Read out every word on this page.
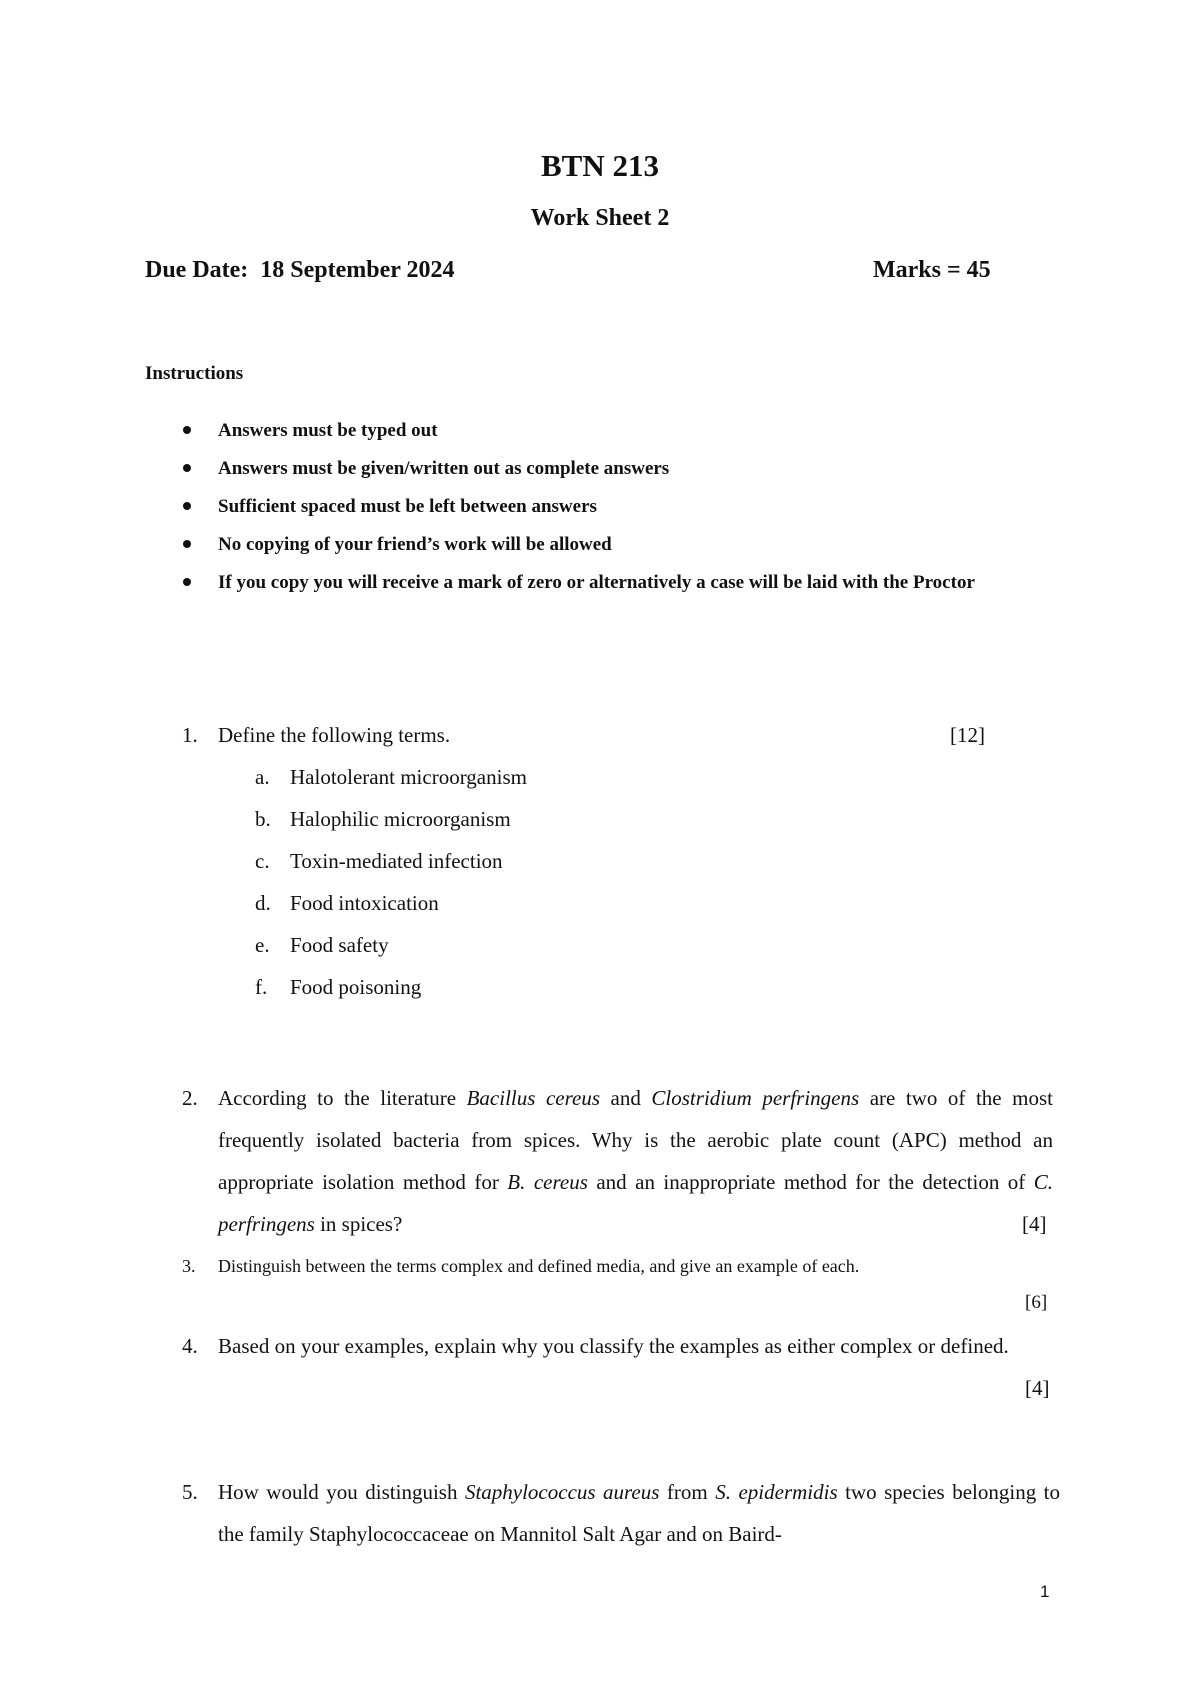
BTN 213
Work Sheet 2
Due Date:  18 September 2024	Marks = 45
Instructions
Answers must be typed out
Answers must be given/written out as complete answers
Sufficient spaced must be left between answers
No copying of your friend’s work will be allowed
If you copy you will receive a mark of zero or alternatively a case will be laid with the Proctor
1. Define the following terms.	[12]
a. Halotolerant microorganism
b. Halophilic microorganism
c. Toxin-mediated infection
d. Food intoxication
e. Food safety
f. Food poisoning
2. According to the literature Bacillus cereus and Clostridium perfringens are two of the most frequently isolated bacteria from spices. Why is the aerobic plate count (APC) method an appropriate isolation method for B. cereus and an inappropriate method for the detection of C. perfringens in spices?	[4]
3. Distinguish between the terms complex and defined media, and give an example of each.
[6]
4. Based on your examples, explain why you classify the examples as either complex or defined.
[4]
5. How would you distinguish Staphylococcus aureus from S. epidermidis two species belonging to the family Staphylococcaceae on Mannitol Salt Agar and on Baird-
1
